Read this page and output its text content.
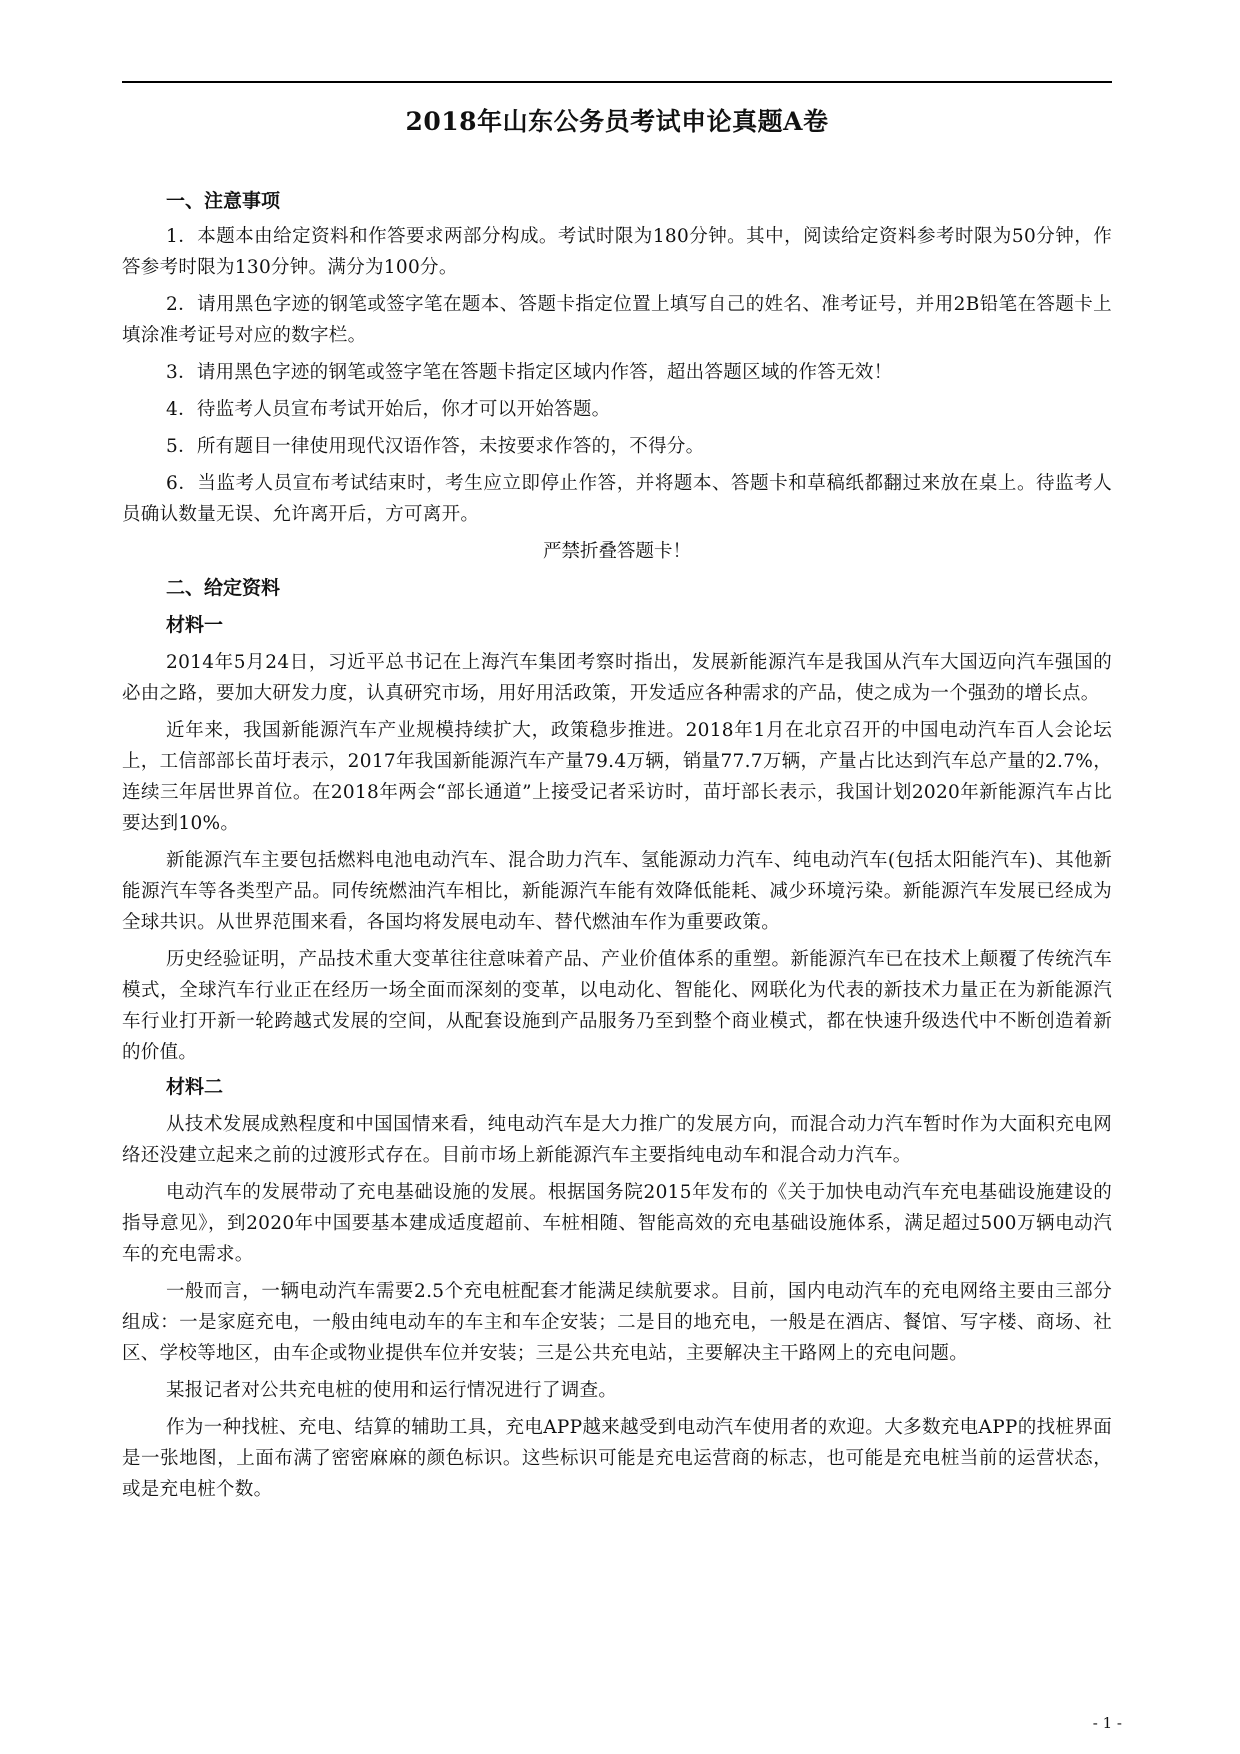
2018年山东公务员考试申论真题A卷
一、注意事项

1．本题本由给定资料和作答要求两部分构成。考试时限为180分钟。其中，阅读给定资料参考时限为50分钟，作答参考时限为130分钟。满分为100分。

2．请用黑色字迹的钢笔或签字笔在题本、答题卡指定位置上填写自己的姓名、准考证号，并用2B铅笔在答题卡上填涂准考证号对应的数字栏。

3．请用黑色字迹的钢笔或签字笔在答题卡指定区域内作答，超出答题区域的作答无效！

4．待监考人员宣布考试开始后，你才可以开始答题。

5．所有题目一律使用现代汉语作答，未按要求作答的，不得分。

6．当监考人员宣布考试结束时，考生应立即停止作答，并将题本、答题卡和草稿纸都翻过来放在桌上。待监考人员确认数量无误、允许离开后，方可离开。

严禁折叠答题卡！

二、给定资料
材料一

2014年5月24日，习近平总书记在上海汽车集团考察时指出，发展新能源汽车是我国从汽车大国迈向汽车强国的必由之路，要加大研发力度，认真研究市场，用好用活政策，开发适应各种需求的产品，使之成为一个强劲的增长点。

近年来，我国新能源汽车产业规模持续扩大，政策稳步推进。2018年1月在北京召开的中国电动汽车百人会论坛上，工信部部长苗圩表示，2017年我国新能源汽车产量79.4万辆，销量77.7万辆，产量占比达到汽车总产量的2.7%，连续三年居世界首位。在2018年两会“部长通道”上接受记者采访时，苗圩部长表示，我国计划2020年新能源汽车占比要达到10%。

新能源汽车主要包括燃料电池电动汽车、混合助力汽车、氢能源动力汽车、纯电动汽车(包括太阳能汽车)、其他新能源汽车等各类型产品。同传统燃油汽车相比，新能源汽车能有效降低能耗、减少环境污染。新能源汽车发展已经成为全球共识。从世界范围来看，各国均将发展电动车、替代燃油车作为重要政策。

历史经验证明，产品技术重大变革往往意味着产品、产业价值体系的重塑。新能源汽车已在技术上颠覆了传统汽车模式，全球汽车行业正在经历一场全面而深刻的变革，以电动化、智能化、网联化为代表的新技术力量正在为新能源汽车行业打开新一轮跨越式发展的空间，从配套设施到产品服务乃至到整个商业模式，都在快速升级迭代中不断创造着新的价值。

材料二

从技术发展成熟程度和中国国情来看，纯电动汽车是大力推广的发展方向，而混合动力汽车暂时作为大面积充电网络还没建立起来之前的过渡形式存在。目前市场上新能源汽车主要指纯电动车和混合动力汽车。

电动汽车的发展带动了充电基础设施的发展。根据国务院2015年发布的《关于加快电动汽车充电基础设施建设的指导意见》，到2020年中国要基本建成适度超前、车桩相随、智能高效的充电基础设施体系，满足超过500万辆电动汽车的充电需求。

一般而言，一辆电动汽车需要2.5个充电桩配套才能满足续航要求。目前，国内电动汽车的充电网络主要由三部分组成：一是家庭充电，一般由纯电动车的车主和车企安装；二是目的地充电，一般是在酒店、餐馆、写字楼、商场、社区、学校等地区，由车企或物业提供车位并安装；三是公共充电站，主要解决主干路网上的充电问题。

某报记者对公共充电桩的使用和运行情况进行了调查。

作为一种找桩、充电、结算的辅助工具，充电APP越来越受到电动汽车使用者的欢迎。大多数充电APP的找桩界面是一张地图，上面布满了密密麻麻的颜色标识。这些标识可能是充电运营商的标志，也可能是充电桩当前的运营状态，或是充电桩个数。

- 1 -
